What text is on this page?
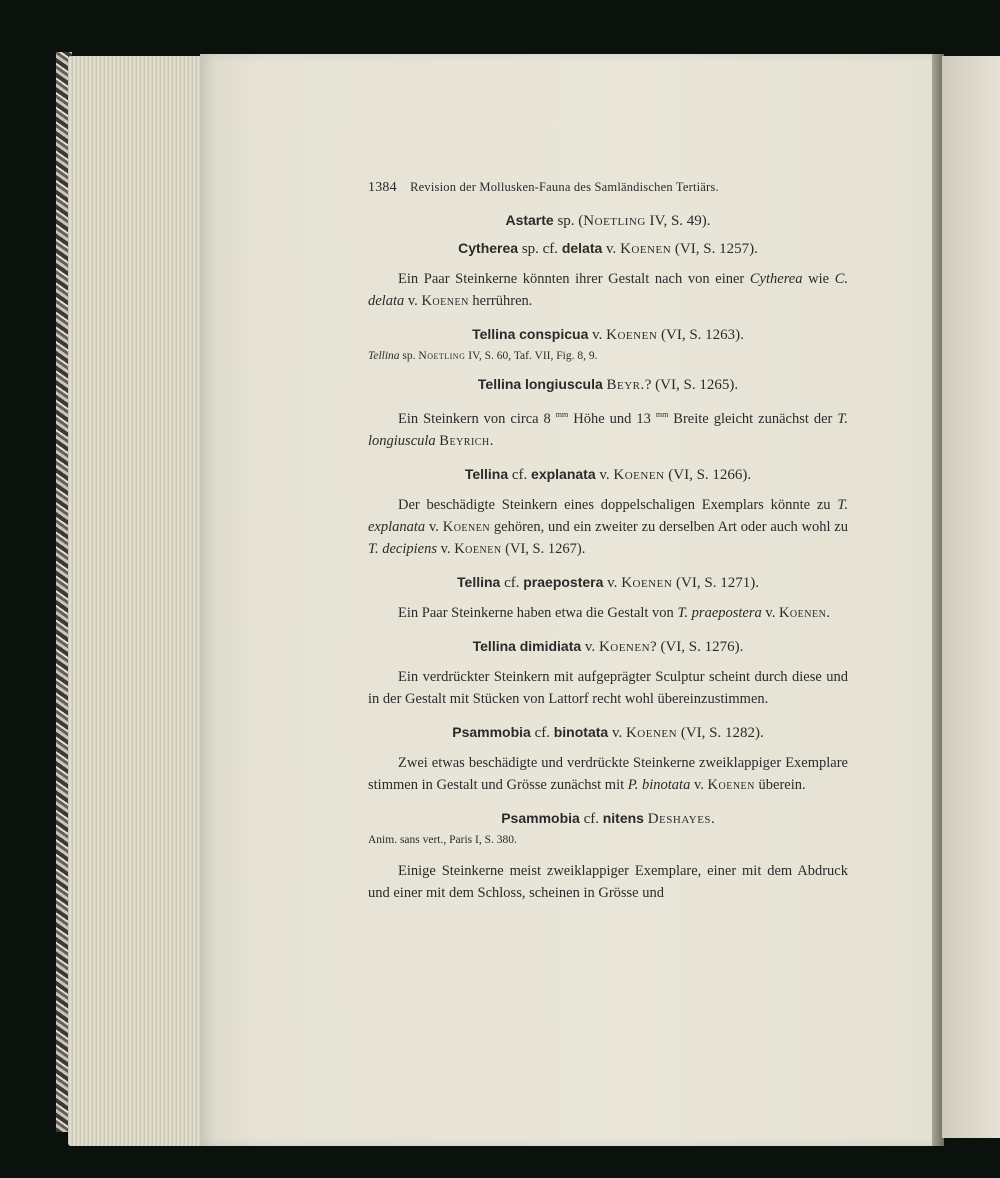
1384 Revision der Mollusken-Fauna des Samländischen Tertiärs.
Astarte sp. (Noetling IV, S. 49).
Cytherea sp. cf. delata v. Koenen (VI, S. 1257).

Ein Paar Steinkerne könnten ihrer Gestalt nach von einer Cytherea wie C. delata v. Koenen herrühren.

Tellina conspicua v. Koenen (VI, S. 1263).
Tellina sp. Noetling IV, S. 60, Taf. VII, Fig. 8, 9.
Tellina longiuscula Beyr.? (VI, S. 1265).

Ein Steinkern von circa 8 $^{mm}$ Höhe und 13 $^{mm}$ Breite gleicht zunächst der T. longiuscula Beyrich.

Tellina cf. explanata v. Koenen (VI, S. 1266).

Der beschädigte Steinkern eines doppelschaligen Exemplars könnte zu T. explanata v. Koenen gehören, und ein zweiter zu derselben Art oder auch wohl zu T. decipiens v. Koenen (VI, S. 1267).

Tellina cf. praepostera v. Koenen (VI, S. 1271).

Ein Paar Steinkerne haben etwa die Gestalt von T. praepostera v. Koenen.

Tellina dimidiata v. Koenen? (VI, S. 1276).

Ein verdrückter Steinkern mit aufgeprägter Sculptur scheint durch diese und in der Gestalt mit Stücken von Lattorf recht wohl übereinzustimmen.

Psammobia cf. binotata v. Koenen (VI, S. 1282).

Zwei etwas beschädigte und verdrückte Steinkerne zweiklappiger Exemplare stimmen in Gestalt und Grösse zunächst mit P. binotata v. Koenen überein.

Psammobia cf. nitens Deshayes.
Anim. sans vert., Paris I, S. 380.

Einige Steinkerne meist zweiklappiger Exemplare, einer mit dem Abdruck und einer mit dem Schloss, scheinen in Grösse und
